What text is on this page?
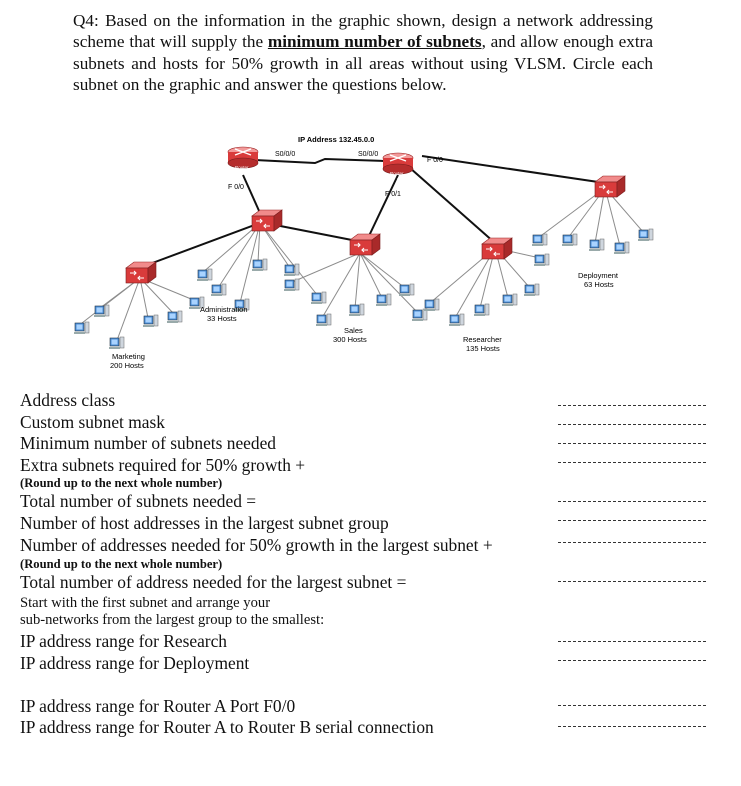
Q4: Based on the information in the graphic shown, design a network addressing scheme that will supply the minimum number of subnets, and allow enough extra subnets and hosts for 50% growth in all areas without using VLSM. Circle each subnet on the graphic and answer the questions below.
IP Address 132.45.0.0
S0/0/0	S0/0/0
Router
A	Router
B
F 0/0
F 0/0
F 0/1
Administration
33 Hosts
Marketing
200 Hosts
Sales
300 Hosts	Researcher
135 Hosts
Deployment
63 Hosts
Address class
Custom subnet mask
Minimum number of subnets needed
Extra subnets required for 50% growth +
(Round up to the next whole number)
Total number of subnets needed =
Number of host addresses in the largest subnet group
Number of addresses needed for 50% growth in the largest subnet +
(Round up to the next whole number)
Total number of address needed for the largest subnet =
Start with the first subnet and arrange your
sub-networks from the largest group to the smallest:
IP address range for Research
IP address range for Deployment
IP address range for Router A Port F0/0
IP address range for Router A to Router B serial connection
